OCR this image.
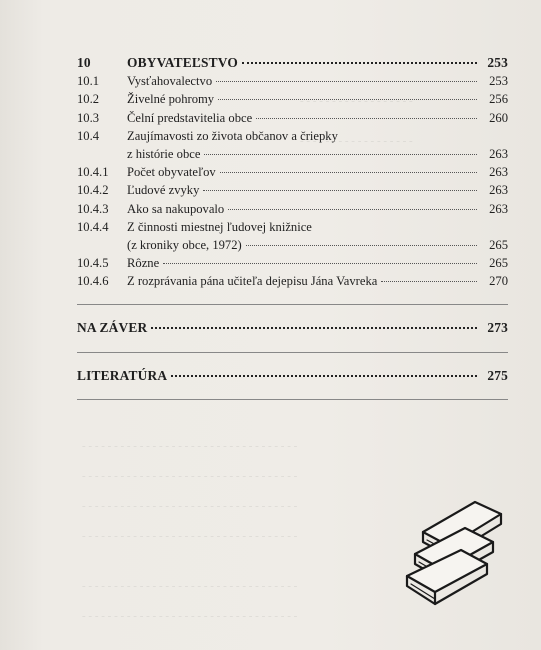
- - - - - - - - - - - - - - - - - -
- - - - - - - - - - - - - - - - - -
- - - - - - - - - - - - - - - - - - - - - - - - - - - - - - - - - -
- - - - - - - - - - - - - - - - - - - - - - - - - - - - - - - - - -
- - - - - - - - - - - - - - - - - - - - - - - - - - - - - - - - - -
- - - - - - - - - - - - - - - - - - - - - - - - - - - - - - - - - -
- - - - - - - - - - - - - - - - - - - - - - - - - - - - - - - - - -
- - - - - - - - - - - - - - - - - - - - - - - - - - - - - - - - - -
10	OBYVATEĽSTVO	253
10.1	Vysťahovalectvo	253
10.2	Živelné pohromy	256
10.3	Čelní predstavitelia obce	260
10.4	Zaujímavosti zo života občanov a čriepky
z histórie obce	263
10.4.1	Počet obyvateľov	263
10.4.2	Ľudové zvyky	263
10.4.3	Ako sa nakupovalo	263
10.4.4	Z činnosti miestnej ľudovej knižnice
(z kroniky obce, 1972)	265
10.4.5	Rôzne	265
10.4.6	Z rozprávania pána učiteľa dejepisu Jána Vavreka	270
NA ZÁVER	273
LITERATÚRA	275
